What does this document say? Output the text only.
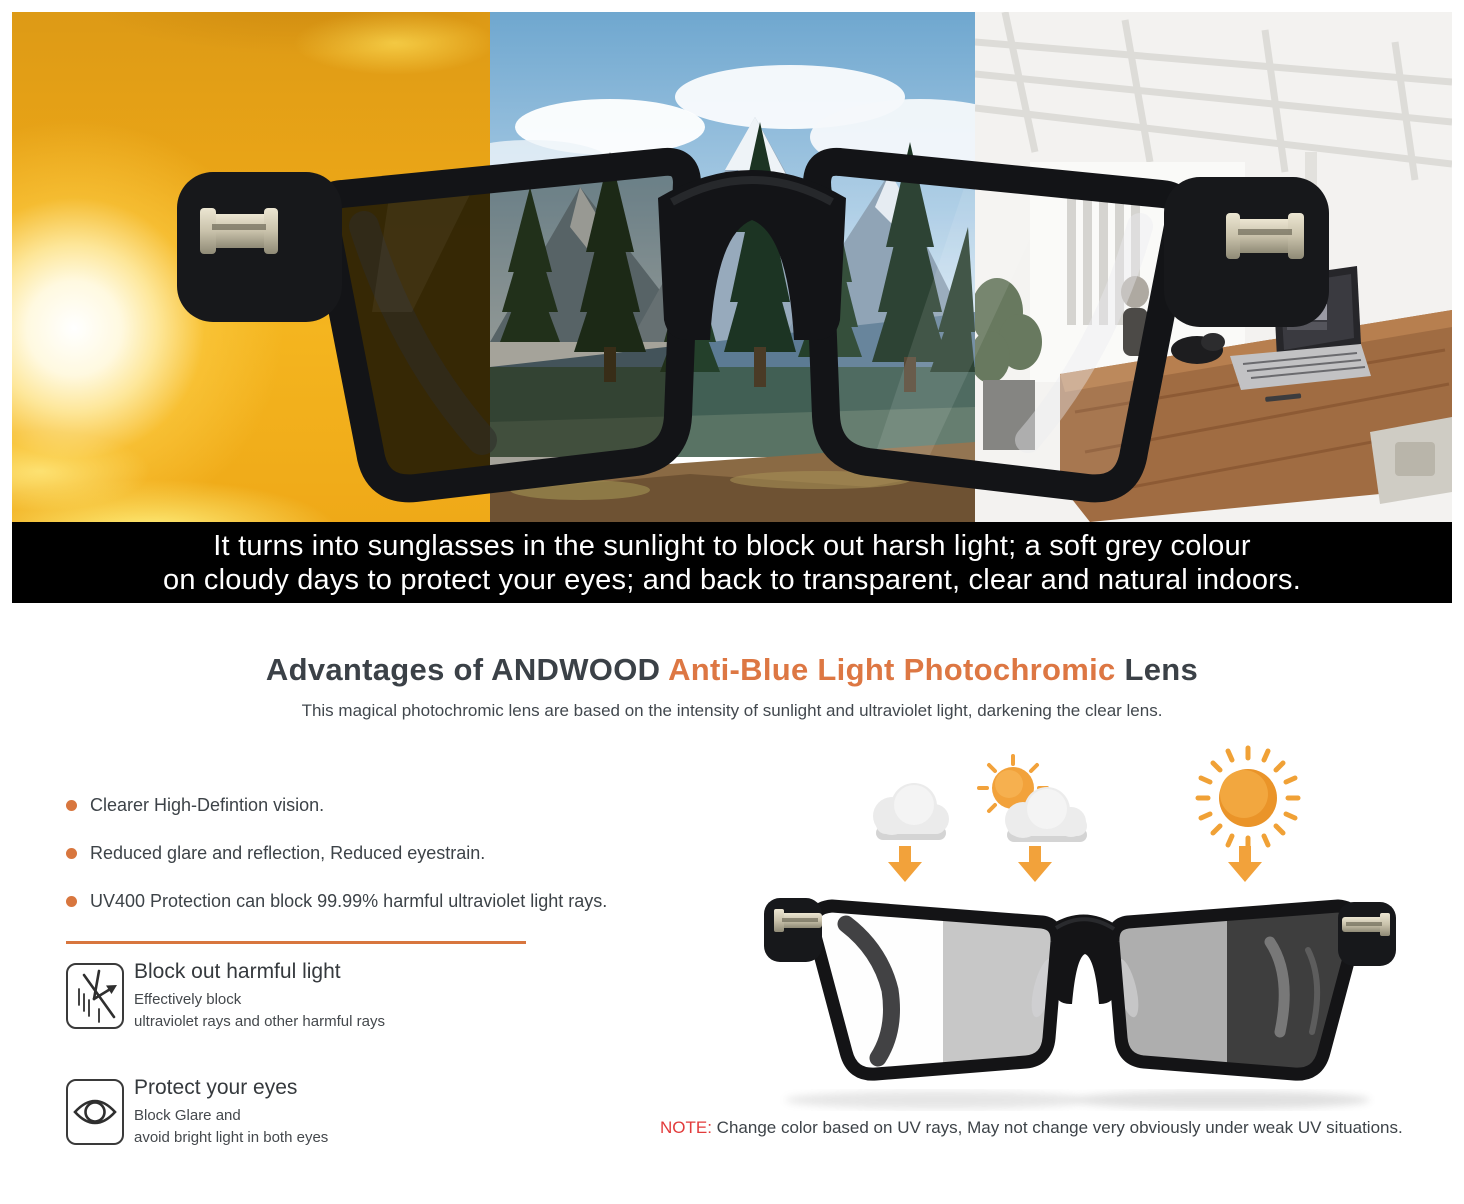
It turns into sunglasses in the sunlight to block out harsh light; a soft grey colour
on cloudy days to protect your eyes; and back to transparent, clear and natural indoors.
Advantages of ANDWOOD Anti-Blue Light Photochromic Lens
This magical photochromic lens are based on the intensity of sunlight and ultraviolet light, darkening the clear lens.
Clearer High-Defintion vision.
Reduced glare and reflection, Reduced eyestrain.
UV400 Protection can block 99.99% harmful ultraviolet light rays.
Block out harmful light
Effectively block
ultraviolet rays and other harmful rays
Protect your eyes
Block Glare and
avoid bright light in both eyes
NOTE: Change color based on UV rays, May not change very obviously under weak UV situations.
